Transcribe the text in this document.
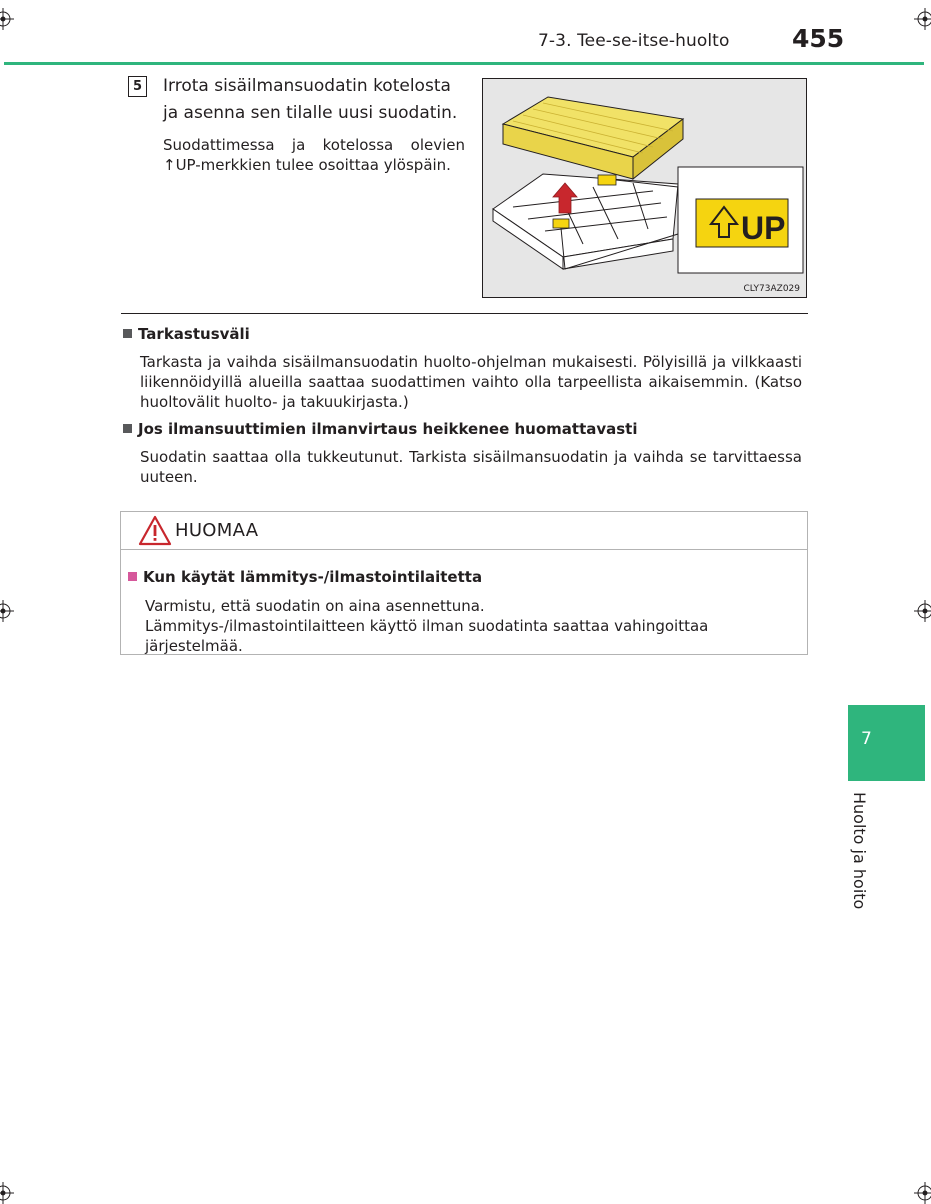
7-3. Tee-se-itse-huolto	455
5 Irrota sisäilmansuodatin kotelosta ja asenna sen tilalle uusi suodatin.
Suodattimessa ja kotelossa olevien
↑UP-merkkien tulee osoittaa ylöspäin.
UP
CLY73AZ029
Tarkastusväli
Tarkasta ja vaihda sisäilmansuodatin huolto-ohjelman mukaisesti. Pölyisillä ja vilkkaasti liikennöidyillä alueilla saattaa suodattimen vaihto olla tarpeellista aikaisemmin. (Katso huoltovälit huolto- ja takuukirjasta.)
Jos ilmansuuttimien ilmanvirtaus heikkenee huomattavasti
Suodatin saattaa olla tukkeutunut. Tarkista sisäilmansuodatin ja vaihda se tarvittaessa uuteen.
HUOMAA
Kun käytät lämmitys-/ilmastointilaitetta
Varmistu, että suodatin on aina asennettuna.
Lämmitys-/ilmastointilaitteen käyttö ilman suodatinta saattaa vahingoittaa järjestelmää.
7
Huolto ja hoito
